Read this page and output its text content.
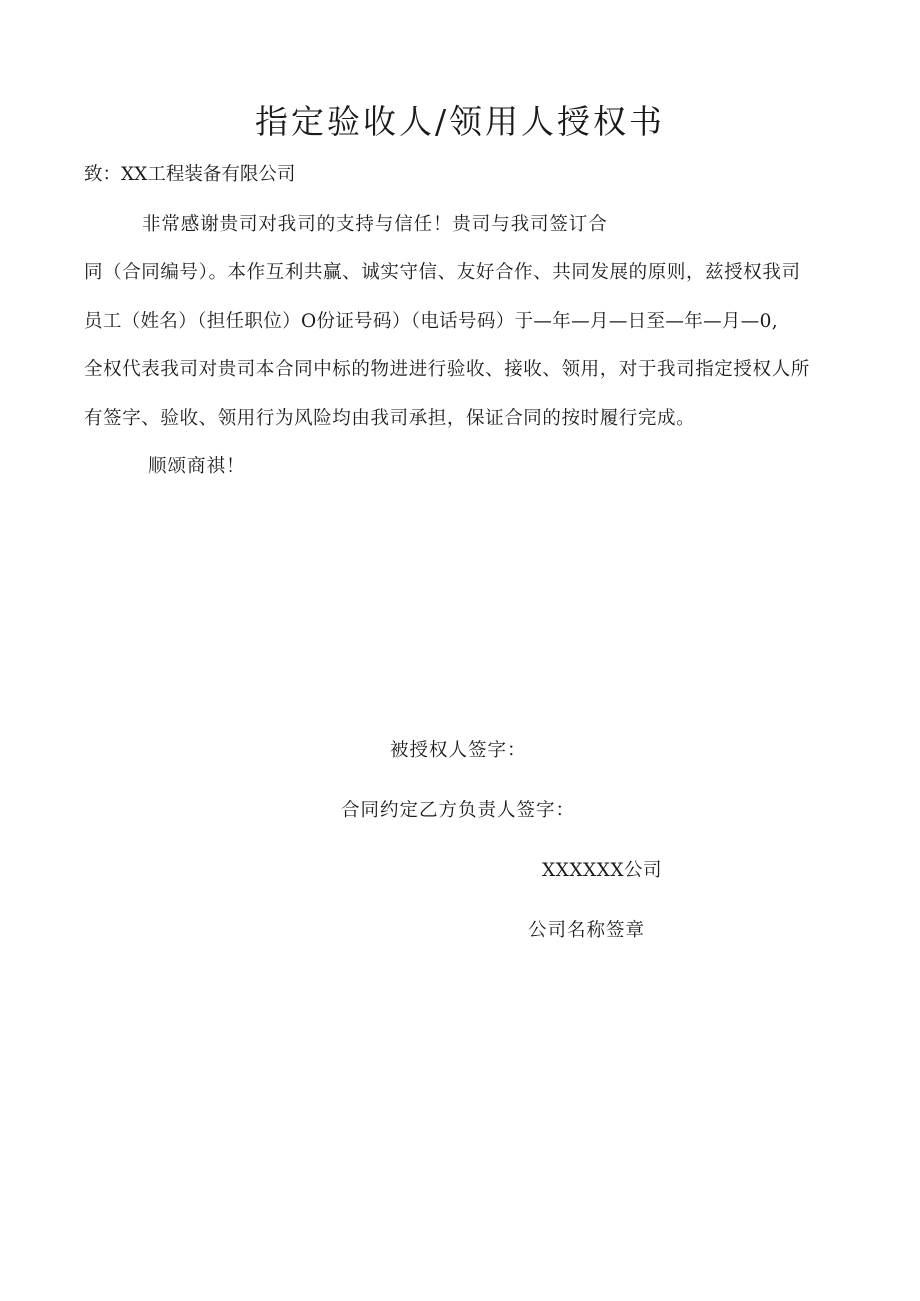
指定验收人/领用人授权书
致：XX工程装备有限公司
非常感谢贵司对我司的支持与信任！贵司与我司签订合
同（合同编号）。本作互利共赢、诚实守信、友好合作、共同发展的原则，兹授权我司
员工（姓名）（担任职位）O份证号码）（电话号码）于—年—月—日至—年—月—0,
全权代表我司对贵司本合同中标的物进进行验收、接收、领用，对于我司指定授权人所
有签字、验收、领用行为风险均由我司承担，保证合同的按时履行完成。
顺颂商祺！
被授权人签字：
合同约定乙方负责人签字：
XXXXXX公司
公司名称签章
